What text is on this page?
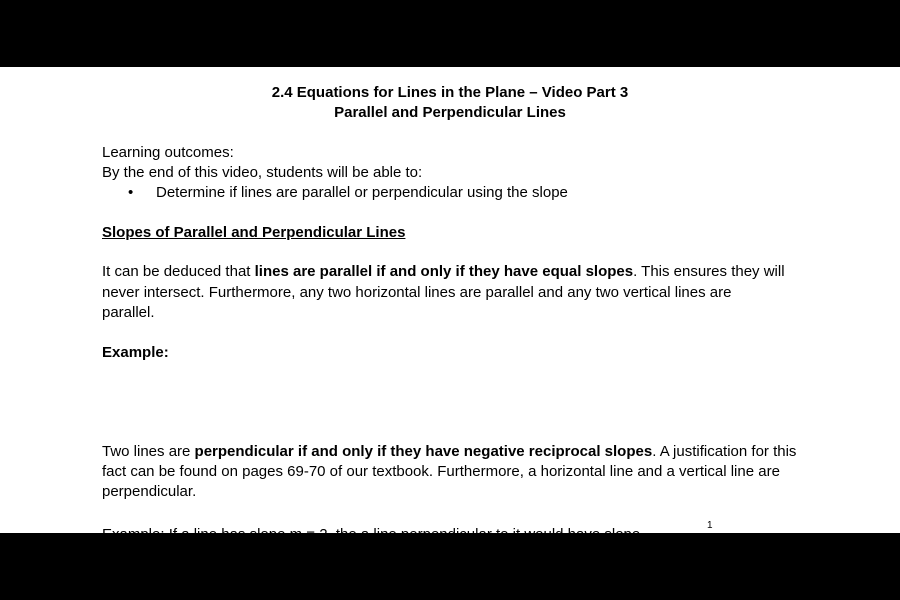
2.4 Equations for Lines in the Plane – Video Part 3
Parallel and Perpendicular Lines
Learning outcomes:
By the end of this video, students will be able to:
• Determine if lines are parallel or perpendicular using the slope
Slopes of Parallel and Perpendicular Lines
It can be deduced that lines are parallel if and only if they have equal slopes. This ensures they will
never intersect. Furthermore, any two horizontal lines are parallel and any two vertical lines are
parallel.
Example:
Two lines are perpendicular if and only if they have negative reciprocal slopes. A justification for this
fact can be found on pages 69-70 of our textbook. Furthermore, a horizontal line and a vertical line are
perpendicular.
1
